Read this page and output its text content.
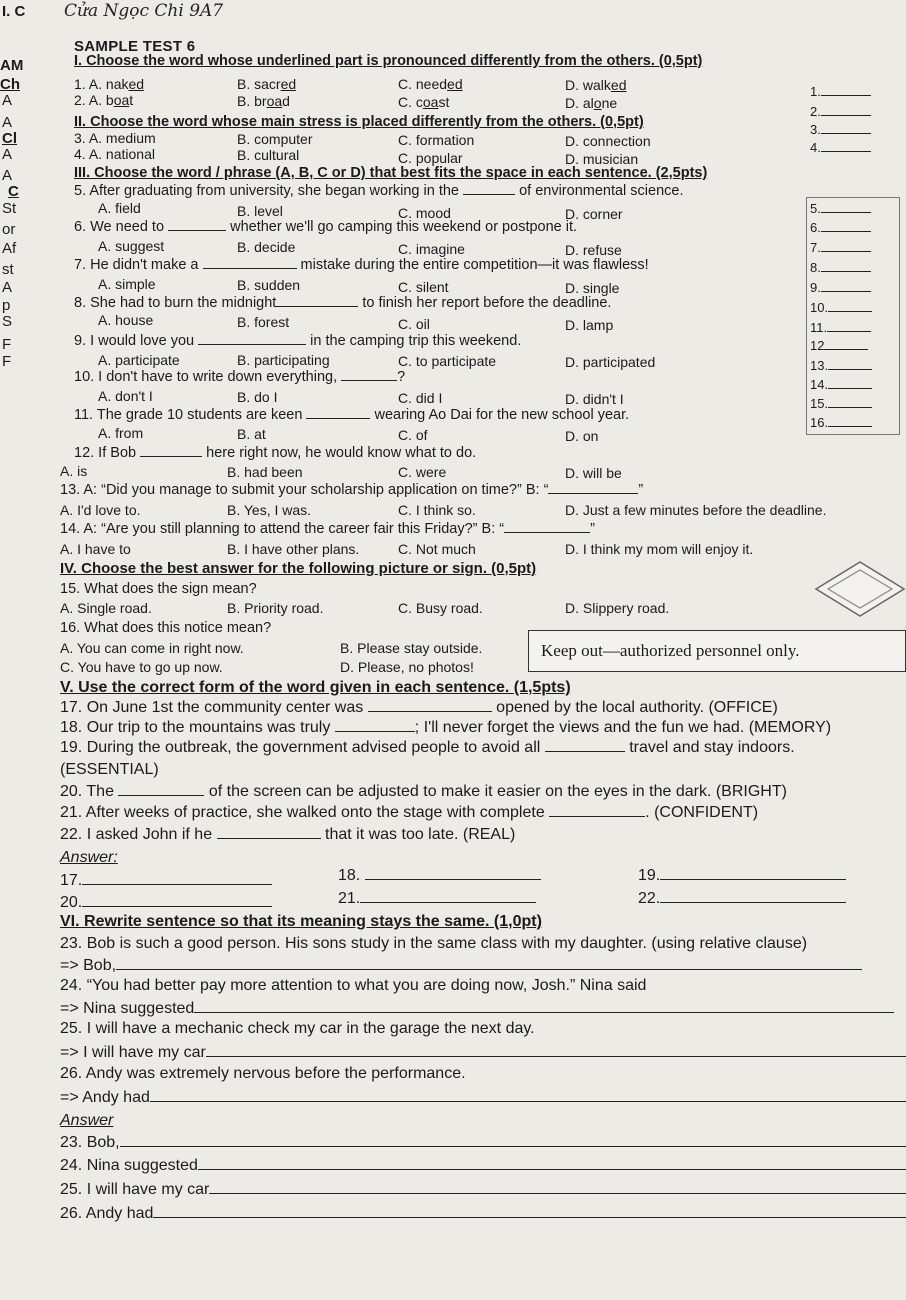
I. C Cửa Ngọc Chi 9A7
SAMPLE TEST 6
AM
Ch
A
A
Cl
A
A
C
St
or
Af
st
A
p
S
F
F
I. Choose the word whose underlined part is pronounced differently from the others. (0,5pt)
1. A. naked	B. sacred	C. needed	D. walked
2. A. boat	B. broad	C. coast	D. alone
1.
2.
3.
4.
II. Choose the word whose main stress is placed differently from the others. (0,5pt)
3. A. medium	B. computer	C. formation	D. connection
4. A. national	B. cultural	C. popular	D. musician
III. Choose the word / phrase (A, B, C or D) that best fits the space in each sentence. (2,5pts)
5. After graduating from university, she began working in the	of environmental science.
A. field	B. level	C. mood	D. corner
6. We need to	whether we'll go camping this weekend or postpone it.
A. suggest	B. decide	C. imagine	D. refuse
7. He didn't make a	mistake during the entire competition—it was flawless!
A. simple	B. sudden	C. silent	D. single
8. She had to burn the midnight	to finish her report before the deadline.
A. house	B. forest	C. oil	D. lamp
9. I would love you	in the camping trip this weekend.
A. participate	B. participating	C. to participate	D. participated
10. I don't have to write down everything,	?
A. don't I	B. do I	C. did I	D. didn't I
11. The grade 10 students are keen	wearing Ao Dai for the new school year.
A. from	B. at	C. of	D. on
5.
6.
7.
8.
9.
10.
11.
12
13.
14.
15.
16.
12. If Bob	here right now, he would know what to do.
A. is	B. had been	C. were	D. will be
13. A: “Did you manage to submit your scholarship application on time?” B: “	”
A. I'd love to.	B. Yes, I was.	C. I think so.	D. Just a few minutes before the deadline.
14. A: “Are you still planning to attend the career fair this Friday?” B: “	”
A. I have to	B. I have other plans.	C. Not much	D. I think my mom will enjoy it.
IV. Choose the best answer for the following picture or sign. (0,5pt)
15. What does the sign mean?
A. Single road.	B. Priority road.	C. Busy road.	D. Slippery road.
16. What does this notice mean?
A. You can come in right now.	B. Please stay outside.
C. You have to go up now.	D. Please, no photos!
Keep out—authorized personnel only.
V. Use the correct form of the word given in each sentence. (1,5pts)
17. On June 1st the community center was	opened by the local authority. (OFFICE)
18. Our trip to the mountains was truly	; I'll never forget the views and the fun we had. (MEMORY)
19. During the outbreak, the government advised people to avoid all	travel and stay indoors.
(ESSENTIAL)
20. The	of the screen can be adjusted to make it easier on the eyes in the dark. (BRIGHT)
21. After weeks of practice, she walked onto the stage with complete	. (CONFIDENT)
22. I asked John if he	that it was too late. (REAL)
Answer:
17.	18.	19.
20.	21.	22.
VI. Rewrite sentence so that its meaning stays the same. (1,0pt)
23. Bob is such a good person. His sons study in the same class with my daughter. (using relative clause)
=> Bob,
24. “You had better pay more attention to what you are doing now, Josh.” Nina said
=> Nina suggested
25. I will have a mechanic check my car in the garage the next day.
=> I will have my car
26. Andy was extremely nervous before the performance.
=> Andy had
Answer
23. Bob,
24. Nina suggested
25. I will have my car
26. Andy had
